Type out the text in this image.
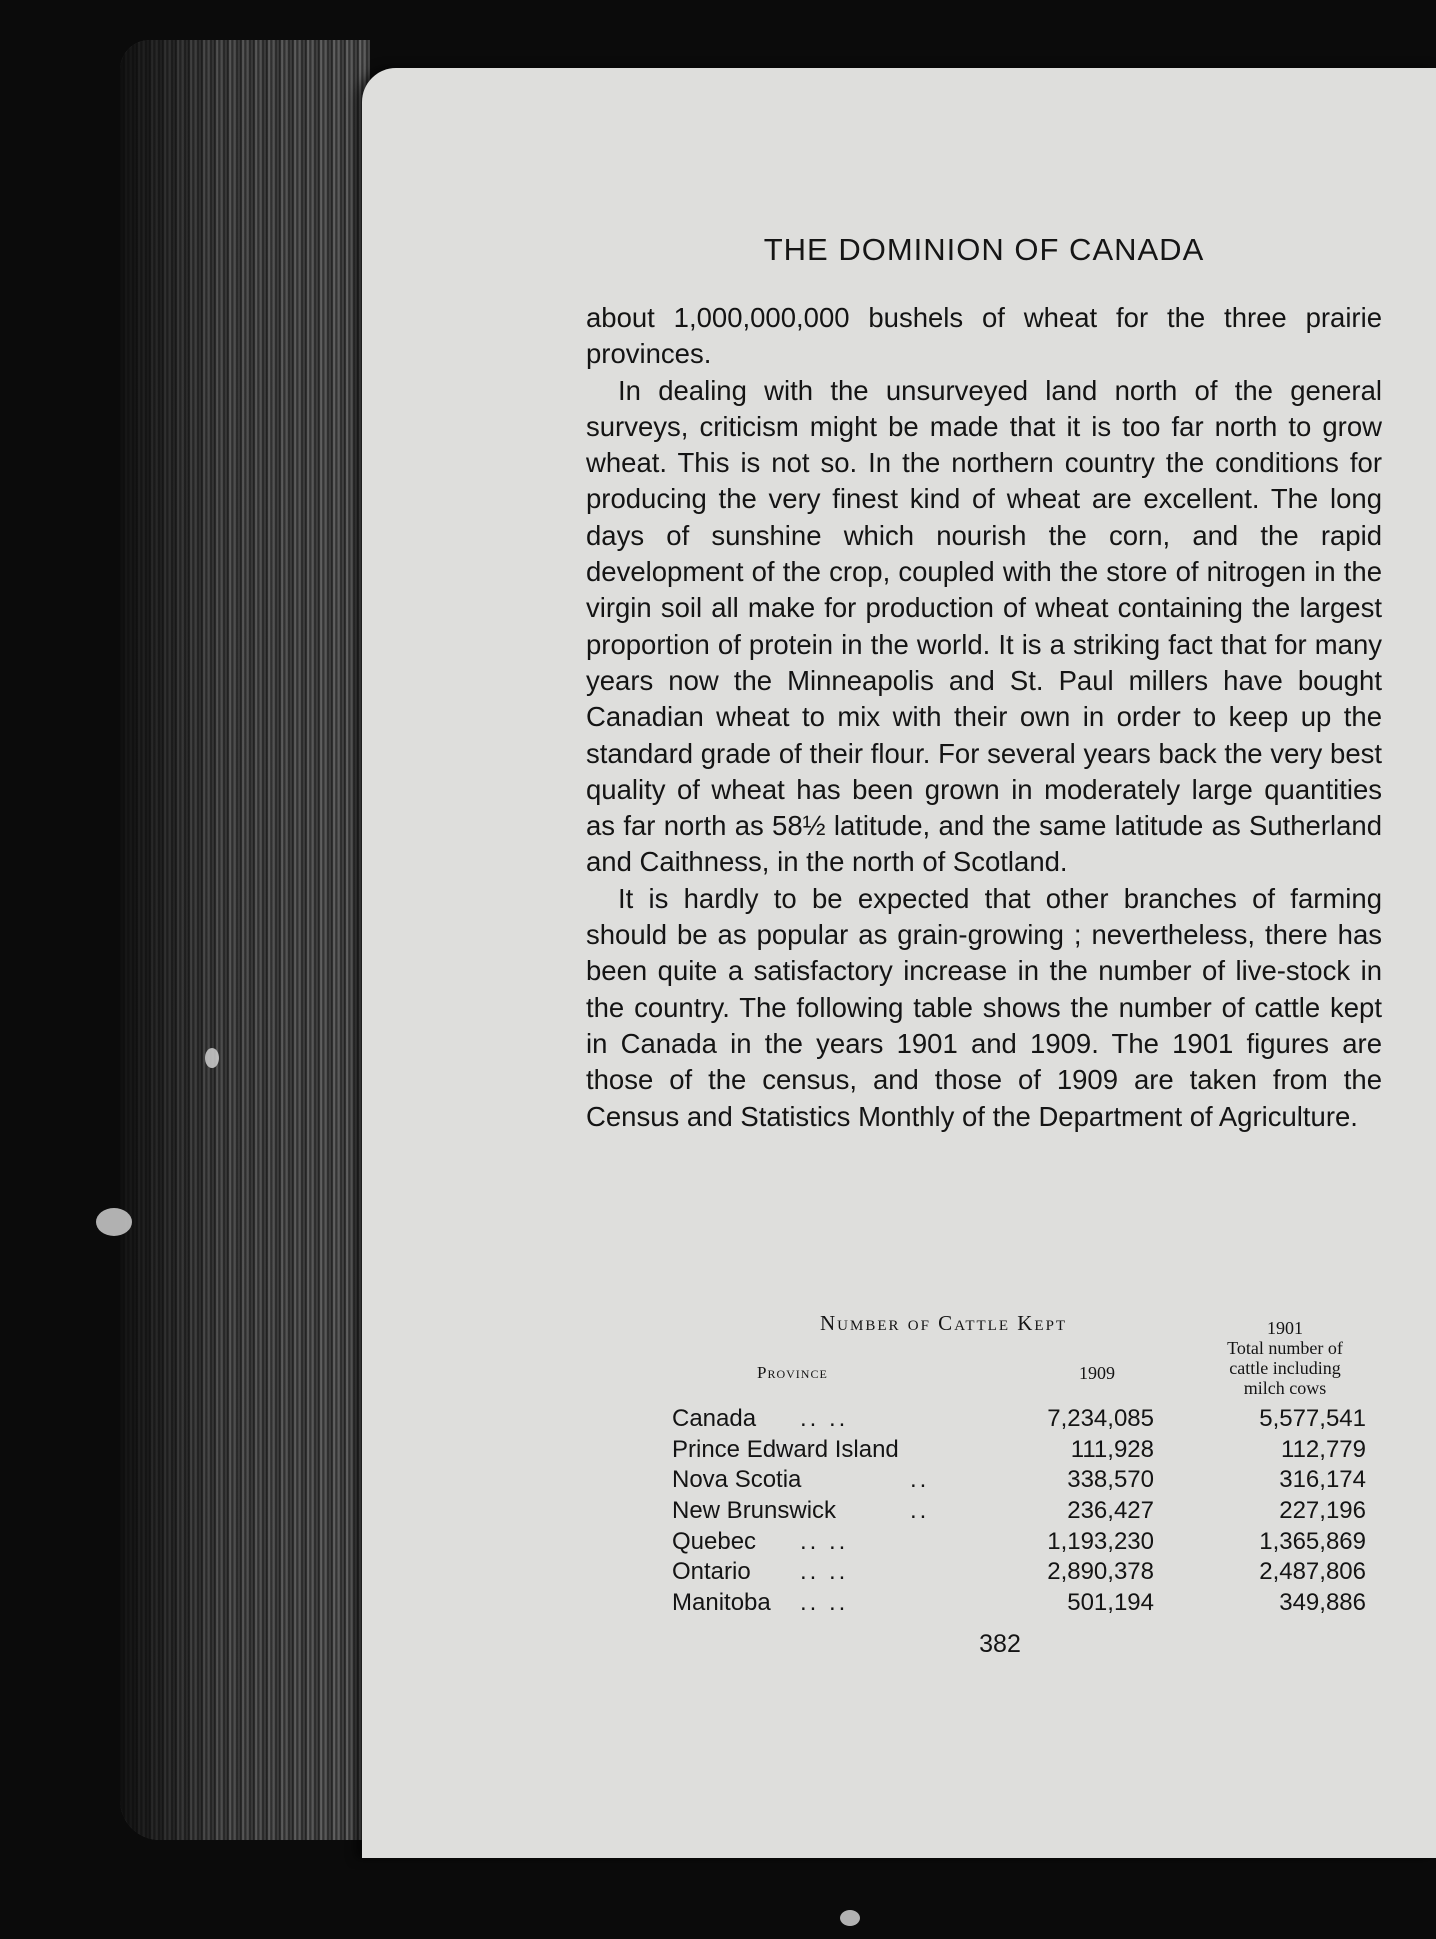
THE DOMINION OF CANADA

about 1,000,000,000 bushels of wheat for the three prairie provinces.

In dealing with the unsurveyed land north of the general surveys, criticism might be made that it is too far north to grow wheat. This is not so. In the northern country the conditions for producing the very finest kind of wheat are excellent. The long days of sunshine which nourish the corn, and the rapid development of the crop, coupled with the store of nitrogen in the virgin soil all make for production of wheat containing the largest proportion of protein in the world. It is a striking fact that for many years now the Minneapolis and St. Paul millers have bought Canadian wheat to mix with their own in order to keep up the standard grade of their flour. For several years back the very best quality of wheat has been grown in moderately large quantities as far north as 58½ latitude, and the same latitude as Sutherland and Caithness, in the north of Scotland.

It is hardly to be expected that other branches of farming should be as popular as grain-growing ; nevertheless, there has been quite a satisfactory increase in the number of live-stock in the country. The following table shows the number of cattle kept in Canada in the years 1901 and 1909. The 1901 figures are those of the census, and those of 1909 are taken from the Census and Statistics Monthly of the Department of Agriculture.

Number of Cattle Kept
Province	1909
1901
Total number of
cattle including
milch cows
Canada .. ..	7,234,085	5,577,541
Prince Edward Island	111,928	112,779
Nova Scotia	..	338,570	316,174
New Brunswick	..	236,427	227,196
Quebec .. ..	1,193,230	1,365,869
Ontario .. ..	2,890,378	2,487,806
Manitoba .. ..	501,194	349,886
382
